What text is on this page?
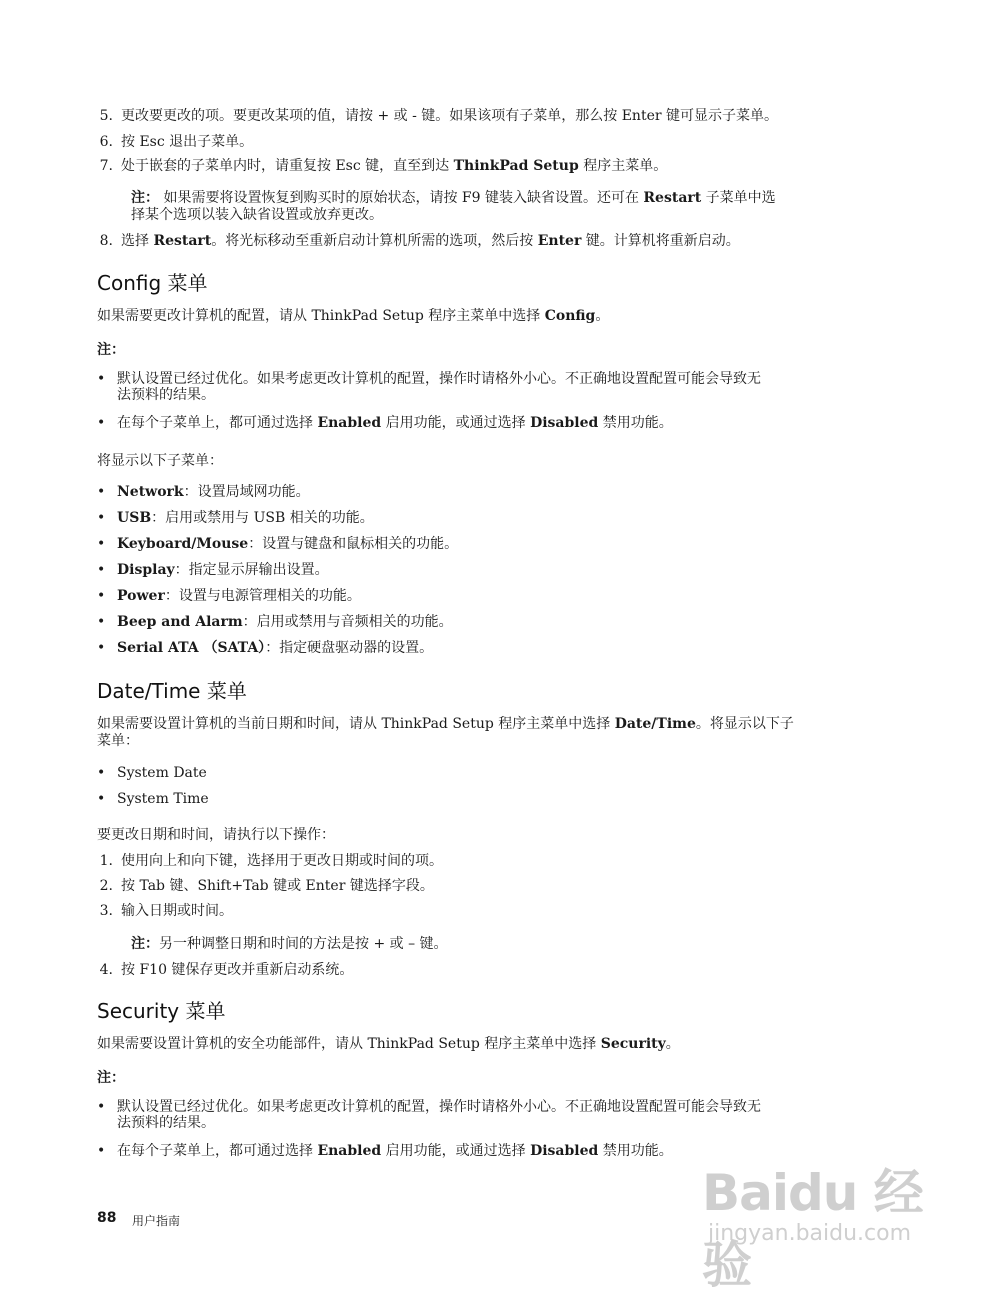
5. 更改要更改的项。要更改某项的值，请按 + 或 - 键。如果该项有子菜单，那么按 Enter 键可显示子菜单。
6. 按 Esc 退出子菜单。
7. 处于嵌套的子菜单内时，请重复按 Esc 键，直至到达 ThinkPad Setup 程序主菜单。
注： 如果需要将设置恢复到购买时的原始状态，请按 F9 键装入缺省设置。还可在 Restart 子菜单中选
择某个选项以装入缺省设置或放弃更改。
8. 选择 Restart。将光标移动至重新启动计算机所需的选项，然后按 Enter 键。计算机将重新启动。
Config 菜单
如果需要更改计算机的配置，请从 ThinkPad Setup 程序主菜单中选择 Config。
注：
• 默认设置已经过优化。如果考虑更改计算机的配置，操作时请格外小心。不正确地设置配置可能会导致无
法预料的结果。
• 在每个子菜单上，都可通过选择 Enabled 启用功能，或通过选择 Disabled 禁用功能。
将显示以下子菜单：
• Network：设置局域网功能。
• USB：启用或禁用与 USB 相关的功能。
• Keyboard/Mouse：设置与键盘和鼠标相关的功能。
• Display：指定显示屏输出设置。
• Power：设置与电源管理相关的功能。
• Beep and Alarm：启用或禁用与音频相关的功能。
• Serial ATA （SATA）：指定硬盘驱动器的设置。
Date/Time 菜单
如果需要设置计算机的当前日期和时间，请从 ThinkPad Setup 程序主菜单中选择 Date/Time。将显示以下子
菜单：
• System Date
• System Time
要更改日期和时间，请执行以下操作：
1. 使用向上和向下键，选择用于更改日期或时间的项。
2. 按 Tab 键、Shift+Tab 键或 Enter 键选择字段。
3. 输入日期或时间。
注：另一种调整日期和时间的方法是按 + 或 – 键。
4. 按 F10 键保存更改并重新启动系统。
Security 菜单
如果需要设置计算机的安全功能部件，请从 ThinkPad Setup 程序主菜单中选择 Security。
注：
• 默认设置已经过优化。如果考虑更改计算机的配置，操作时请格外小心。不正确地设置配置可能会导致无
法预料的结果。
• 在每个子菜单上，都可通过选择 Enabled 启用功能，或通过选择 Disabled 禁用功能。
Baidu 经验
jingyan.baidu.com
88 用户指南
